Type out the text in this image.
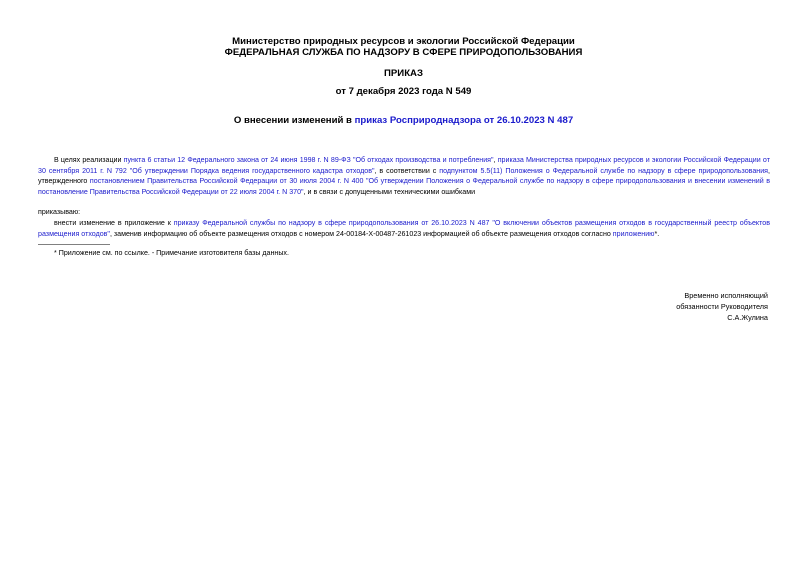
Министерство природных ресурсов и экологии Российской Федерации
ФЕДЕРАЛЬНАЯ СЛУЖБА ПО НАДЗОРУ В СФЕРЕ ПРИРОДОПОЛЬЗОВАНИЯ
ПРИКАЗ
от 7 декабря 2023 года N 549
О внесении изменений в приказ Росприроднадзора от 26.10.2023 N 487
В целях реализации пункта 6 статьи 12 Федерального закона от 24 июня 1998 г. N 89-ФЗ "Об отходах производства и потребления", приказа Министерства природных ресурсов и экологии Российской Федерации от 30 сентября 2011 г. N 792 "Об утверждении Порядка ведения государственного кадастра отходов", в соответствии с подпунктом 5.5(11) Положения о Федеральной службе по надзору в сфере природопользования, утвержденного постановлением Правительства Российской Федерации от 30 июля 2004 г. N 400 "Об утверждении Положения о Федеральной службе по надзору в сфере природопользования и внесении изменений в постановление Правительства Российской Федерации от 22 июля 2004 г. N 370", и в связи с допущенными техническими ошибками
приказываю:
внести изменение в приложение к приказу Федеральной службы по надзору в сфере природопользования от 26.10.2023 N 487 "О включении объектов размещения отходов в государственный реестр объектов размещения отходов", заменив информацию об объекте размещения отходов с номером 24-00184-Х-00487-261023 информацией об объекте размещения отходов согласно приложению*.
* Приложение см. по ссылке. - Примечание изготовителя базы данных.
Временно исполняющий
обязанности Руководителя
С.А.Жулина
